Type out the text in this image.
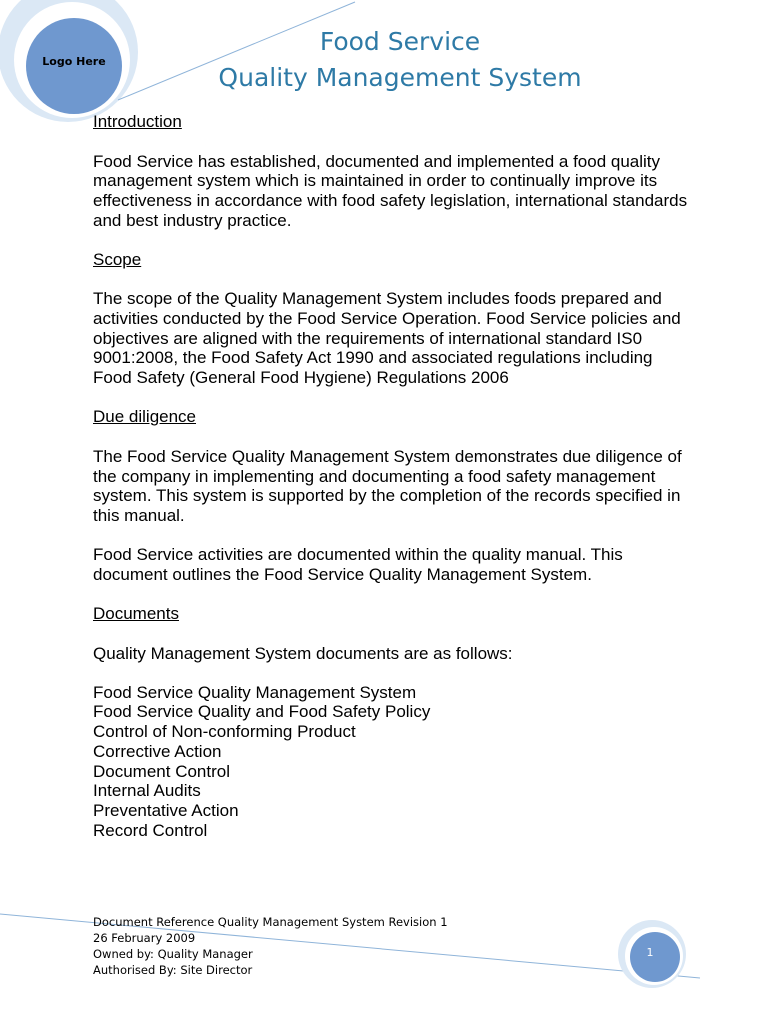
Logo Here
Food Service
Quality Management System

Introduction

Food Service has established, documented and implemented a food quality management system which is maintained in order to continually improve its effectiveness in accordance with food safety legislation, international standards and best industry practice.

Scope

The scope of the Quality Management System includes foods prepared and activities conducted by the Food Service Operation. Food Service policies and objectives are aligned with the requirements of international standard IS0 9001:2008, the Food Safety Act 1990 and associated regulations including Food Safety (General Food Hygiene) Regulations 2006

Due diligence

The Food Service Quality Management System demonstrates due diligence of the company in implementing and documenting a food safety management system. This system is supported by the completion of the records specified in this manual.

Food Service activities are documented within the quality manual. This document outlines the Food Service Quality Management System.

Documents

Quality Management System documents are as follows:

Food Service Quality Management System
Food Service Quality and Food Safety Policy
Control of Non-conforming Product
Corrective Action
Document Control
Internal Audits
Preventative Action
Record Control
Document Reference Quality Management System Revision 1
26 February 2009
Owned by: Quality Manager
Authorised By: Site Director
1
